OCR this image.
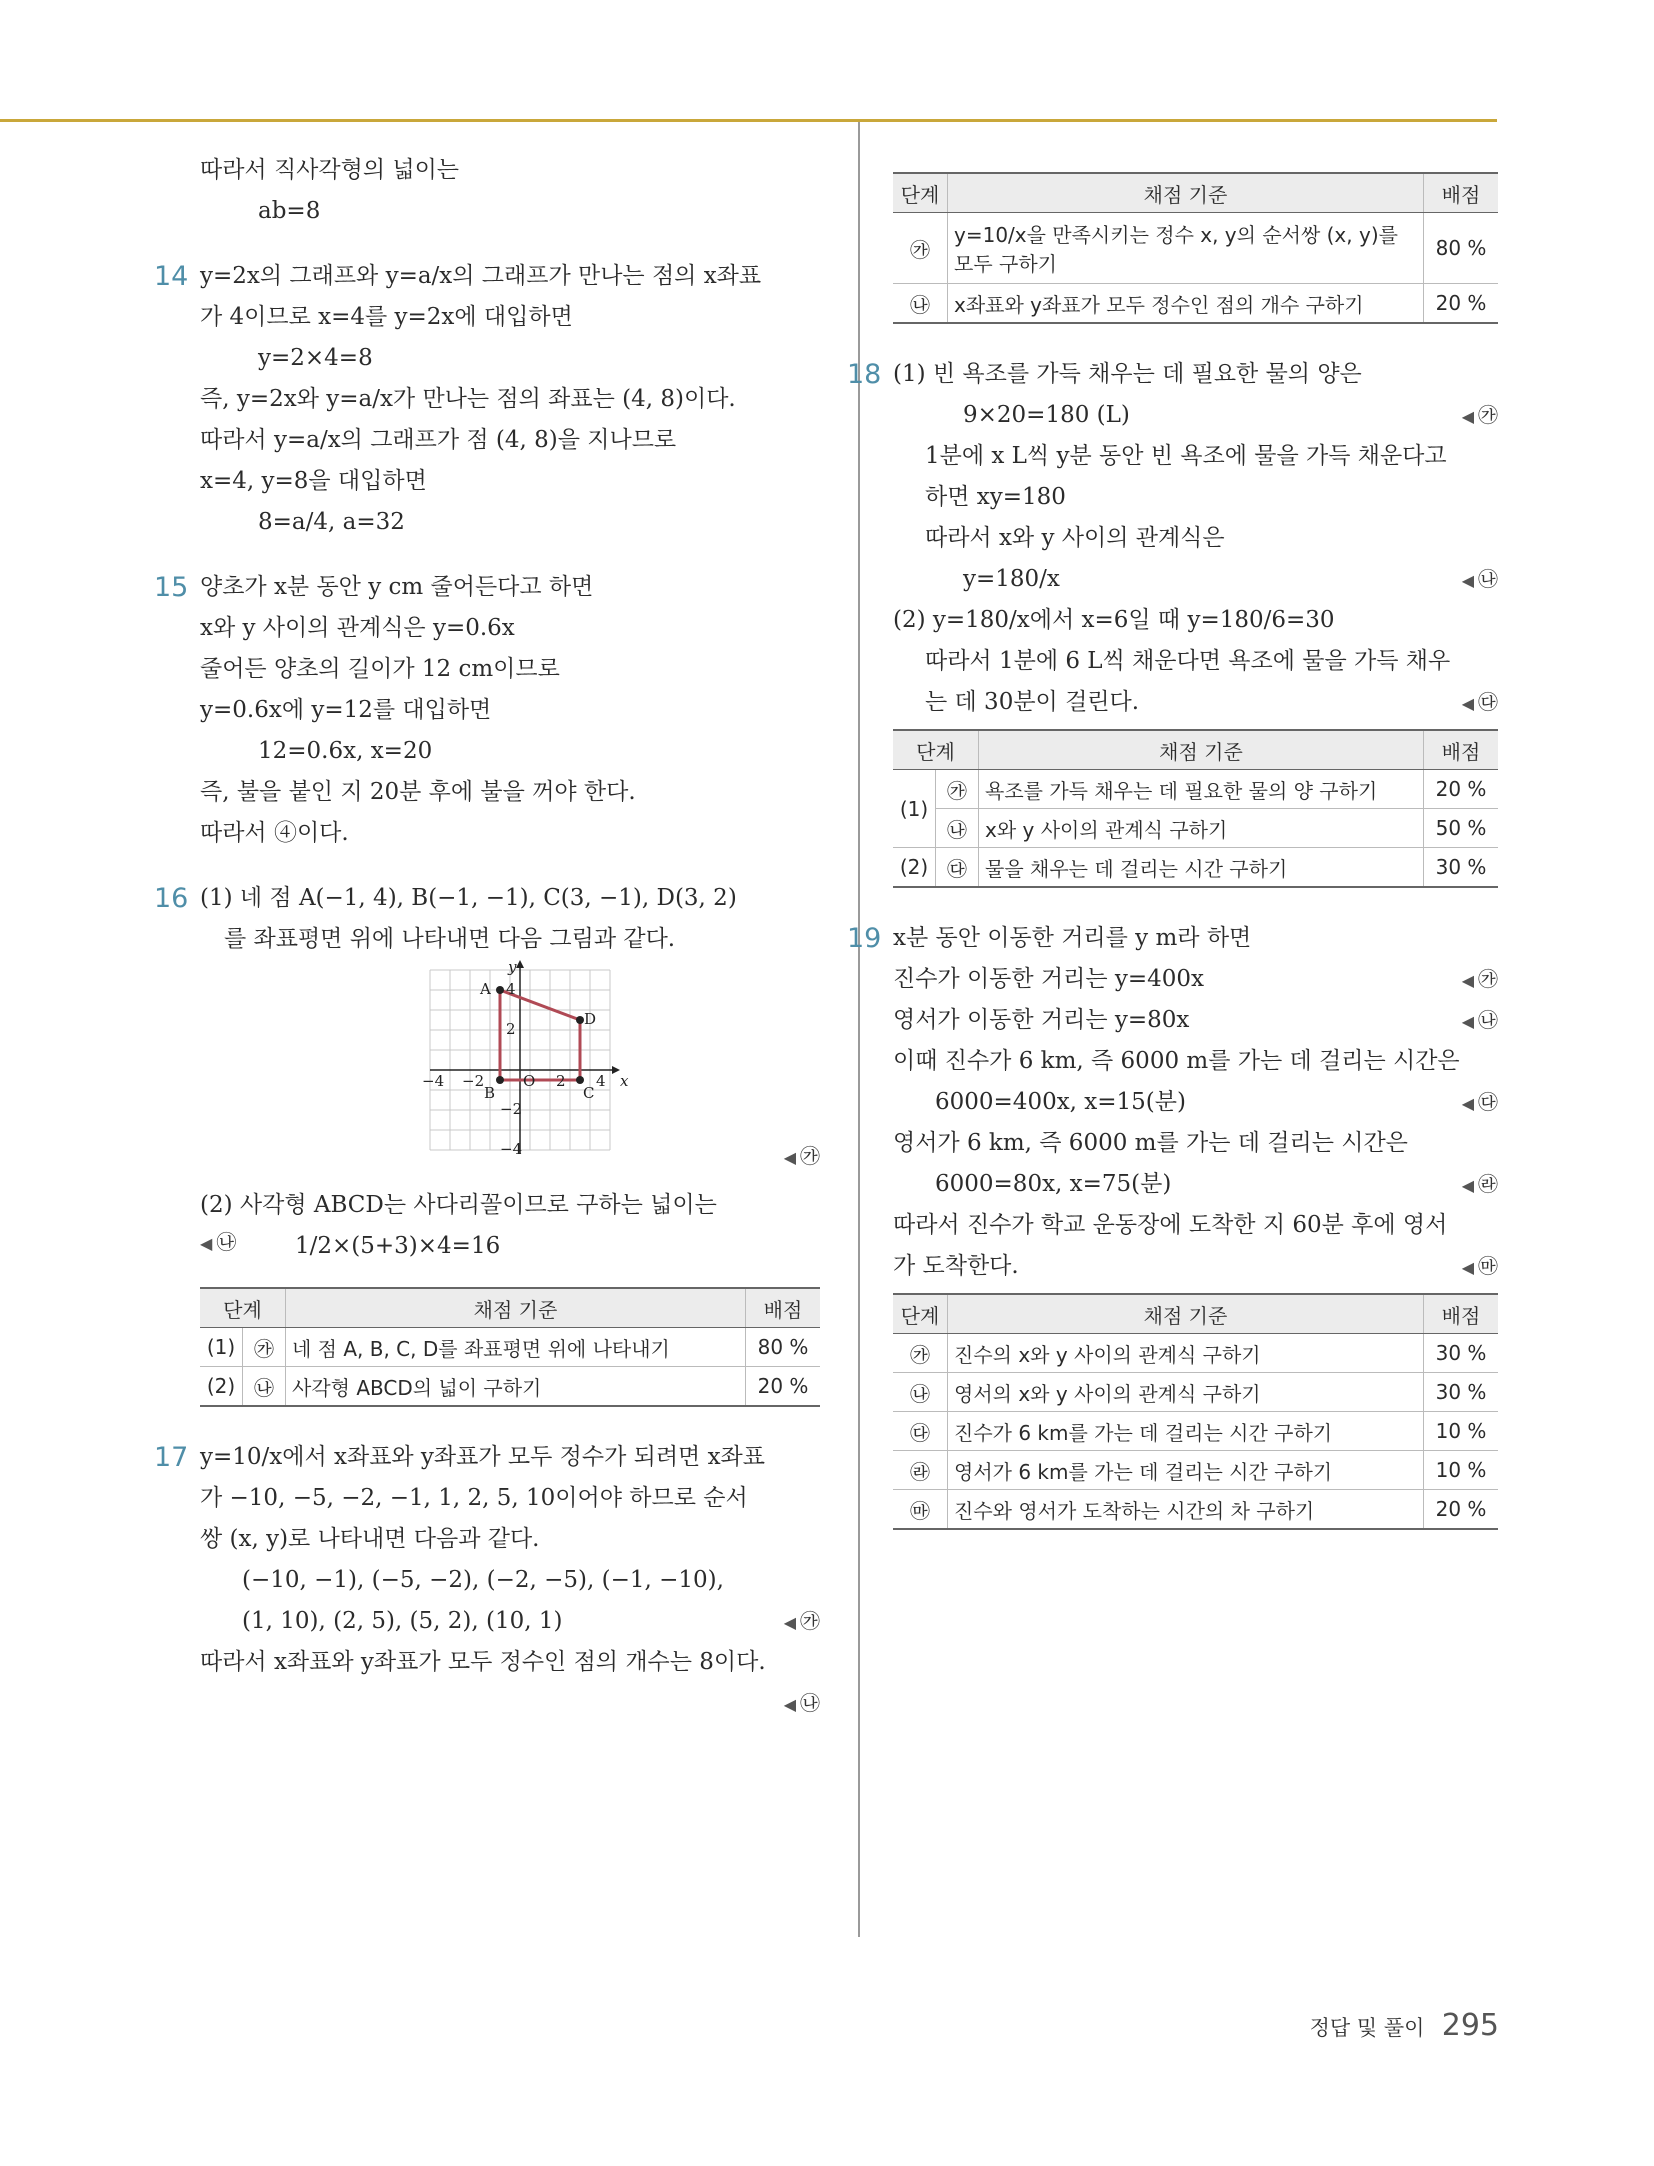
따라서 직사각형의 넓이는
ab=8
14 y=2x의 그래프와 y=a/x의 그래프가 만나는 점의 x좌표
가 4이므로 x=4를 y=2x에 대입하면
y=2×4=8
즉, y=2x와 y=a/x가 만나는 점의 좌표는 (4, 8)이다.
따라서 y=a/x의 그래프가 점 (4, 8)을 지나므로
x=4, y=8을 대입하면
8=a/4, a=32
15 양초가 x분 동안 y cm 줄어든다고 하면
x와 y 사이의 관계식은 y=0.6x
줄어든 양초의 길이가 12 cm이므로
y=0.6x에 y=12를 대입하면
12=0.6x, x=20
즉, 불을 붙인 지 20분 후에 불을 꺼야 한다.
따라서 ④이다.
16 (1) 네 점 A(−1, 4), B(−1, −1), C(3, −1), D(3, 2)
를 좌표평면 위에 나타내면 다음 그림과 같다.
A
B	C
D
O
−4 −2	2 4
2
4
−2
−4
x
y
◀ ㉮
(2) 사각형 ABCD는 사다리꼴이므로 구하는 넓이는
1/2×(5+3)×4=16
◀ ㉯
단계		채점 기준	배점
(1)	㉮	네 점 A, B, C, D를 좌표평면 위에 나타내기	80 %
(2)	㉯	사각형 ABCD의 넓이 구하기	20 %
17 y=10/x에서 x좌표와 y좌표가 모두 정수가 되려면 x좌표
가 −10, −5, −2, −1, 1, 2, 5, 10이어야 하므로 순서
쌍 (x, y)로 나타내면 다음과 같다.
(−10, −1), (−5, −2), (−2, −5), (−1, −10),
(1, 10), (2, 5), (5, 2), (10, 1)	◀ ㉮
따라서 x좌표와 y좌표가 모두 정수인 점의 개수는 8이다.
◀ ㉯
단계	채점 기준	배점
㉮	y=10/x을 만족시키는 정수 x, y의 순서쌍 (x, y)를 모두 구하기	80 %
㉯	x좌표와 y좌표가 모두 정수인 점의 개수 구하기	20 %
18 (1) 빈 욕조를 가득 채우는 데 필요한 물의 양은
9×20=180 (L)	◀ ㉮
1분에 x L씩 y분 동안 빈 욕조에 물을 가득 채운다고
하면 xy=180
따라서 x와 y 사이의 관계식은
y=180/x	◀ ㉯
(2) y=180/x에서 x=6일 때 y=180/6=30
따라서 1분에 6 L씩 채운다면 욕조에 물을 가득 채우
는 데 30분이 걸린다.	◀ ㉰
단계		채점 기준	배점
(1)	㉮	욕조를 가득 채우는 데 필요한 물의 양 구하기	20 %
	㉯	x와 y 사이의 관계식 구하기	50 %
(2)	㉰	물을 채우는 데 걸리는 시간 구하기	30 %
19 x분 동안 이동한 거리를 y m라 하면
진수가 이동한 거리는 y=400x	◀ ㉮
영서가 이동한 거리는 y=80x	◀ ㉯
이때 진수가 6 km, 즉 6000 m를 가는 데 걸리는 시간은
6000=400x, x=15(분)	◀ ㉰
영서가 6 km, 즉 6000 m를 가는 데 걸리는 시간은
6000=80x, x=75(분)	◀ ㉱
따라서 진수가 학교 운동장에 도착한 지 60분 후에 영서
가 도착한다.	◀ ㉲
단계	채점 기준	배점
㉮	진수의 x와 y 사이의 관계식 구하기	30 %
㉯	영서의 x와 y 사이의 관계식 구하기	30 %
㉰	진수가 6 km를 가는 데 걸리는 시간 구하기	10 %
㉱	영서가 6 km를 가는 데 걸리는 시간 구하기	10 %
㉲	진수와 영서가 도착하는 시간의 차 구하기	20 %
정답 및 풀이 295
